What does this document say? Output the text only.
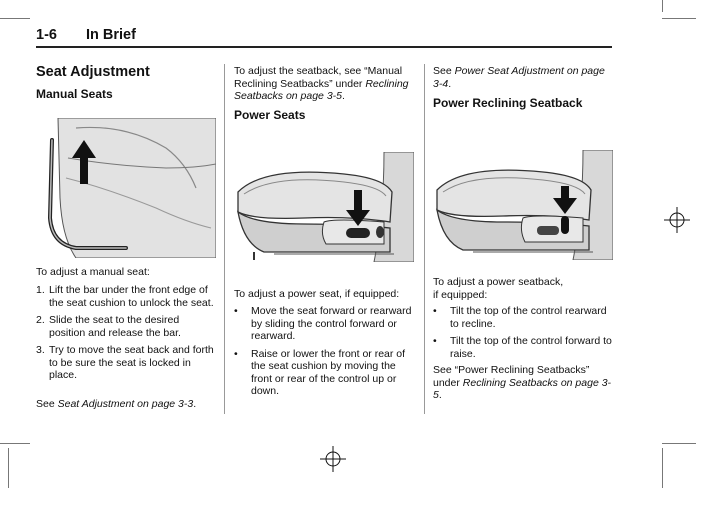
1-6 In Brief
Seat Adjustment
Manual Seats
To adjust a manual seat:
1. Lift the bar under the front edge of the seat cushion to unlock the seat.
2. Slide the seat to the desired position and release the bar.
3. Try to move the seat back and forth to be sure the seat is locked in place.
See Seat Adjustment on page 3-3.
To adjust the seatback, see “Manual Reclining Seatbacks” under Reclining Seatbacks on page 3-5.
Power Seats
To adjust a power seat, if equipped:
• Move the seat forward or rearward by sliding the control forward or rearward.
• Raise or lower the front or rear of the seat cushion by moving the front or rear of the control up or down.
See Power Seat Adjustment on page 3-4.
Power Reclining Seatback
To adjust a power seatback,
if equipped:
• Tilt the top of the control rearward to recline.
• Tilt the top of the control forward to raise.
See “Power Reclining Seatbacks” under Reclining Seatbacks on page 3-5.
